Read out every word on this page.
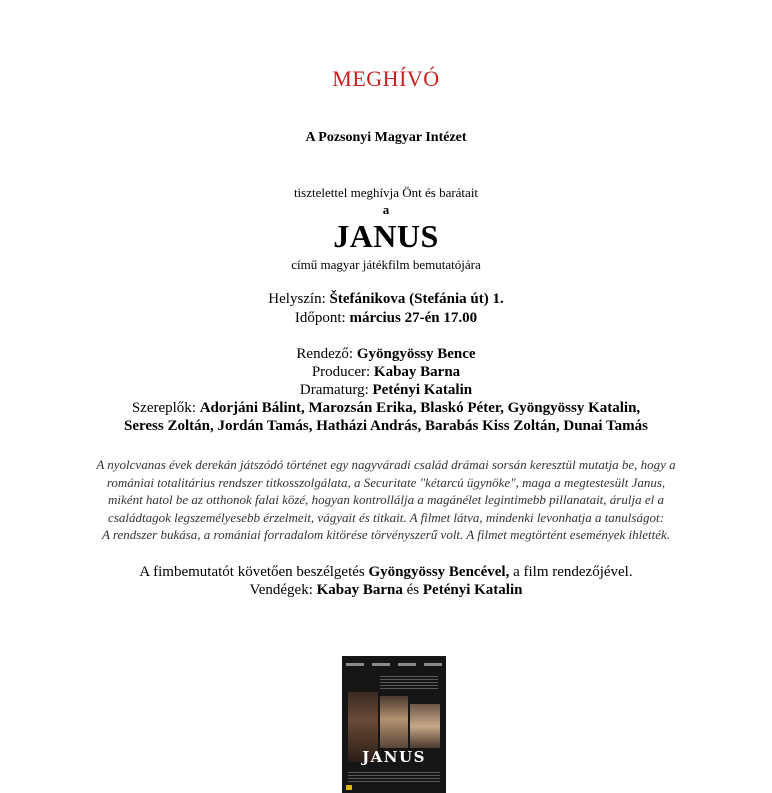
MEGHÍVÓ
A Pozsonyi Magyar Intézet
tisztelettel meghívja Önt és barátait
a
JANUS
című magyar játékfilm bemutatójára
Helyszín: Štefánikova (Stefánia út) 1.
Időpont: március 27-én 17.00
Rendező: Gyöngyössy Bence
Producer: Kabay Barna
Dramaturg: Petényi Katalin
Szereplők: Adorjáni Bálint, Marozsán Erika, Blaskó Péter, Gyöngyössy Katalin,
Seress Zoltán, Jordán Tamás, Hatházi András, Barabás Kiss Zoltán, Dunai Tamás
A nyolcvanas évek derekán játszódó történet egy nagyváradi család drámai sorsán keresztül mutatja be, hogy a
romániai totalitárius rendszer titkosszolgálata, a Securitate "kétarcú ügynöke", maga a megtestesült Janus,
miként hatol be az otthonok falai közé, hogyan kontrollálja a magánélet legintimebb pillanatait, árulja el a
családtagok legszemélyesebb érzelmeit, vágyait és titkait. A filmet látva, mindenki levonhatja a tanulságot:
A rendszer bukása, a romániai forradalom kitörése törvényszerű volt. A filmet megtörtént események ihlették.
A fimbemutatót követően beszélgetés Gyöngyössy Bencével, a film rendezőjével.
Vendégek: Kabay Barna és Petényi Katalin
JANUS
